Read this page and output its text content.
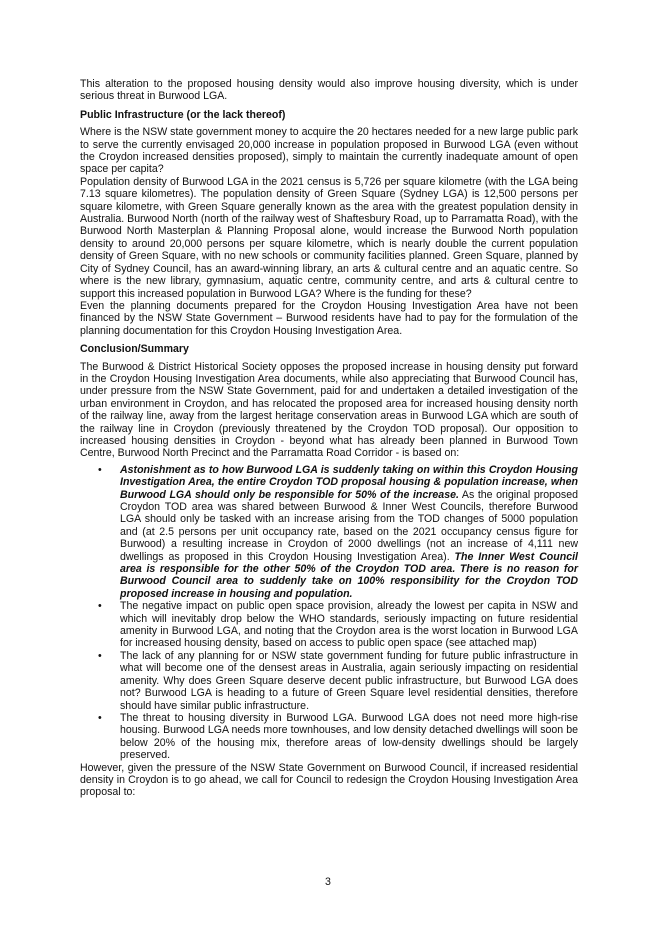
This alteration to the proposed housing density would also improve housing diversity, which is under serious threat in Burwood LGA.

Public Infrastructure (or the lack thereof)

Where is the NSW state government money to acquire the 20 hectares needed for a new large public park to serve the currently envisaged 20,000 increase in population proposed in Burwood LGA (even without the Croydon increased densities proposed), simply to maintain the currently inadequate amount of open space per capita?

Population density of Burwood LGA in the 2021 census is 5,726 per square kilometre (with the LGA being 7.13 square kilometres). The population density of Green Square (Sydney LGA) is 12,500 persons per square kilometre, with Green Square generally known as the area with the greatest population density in Australia. Burwood North (north of the railway west of Shaftesbury Road, up to Parramatta Road), with the Burwood North Masterplan & Planning Proposal alone, would increase the Burwood North population density to around 20,000 persons per square kilometre, which is nearly double the current population density of Green Square, with no new schools or community facilities planned. Green Square, planned by City of Sydney Council, has an award-winning library, an arts & cultural centre and an aquatic centre. So where is the new library, gymnasium, aquatic centre, community centre, and arts & cultural centre to support this increased population in Burwood LGA? Where is the funding for these?

Even the planning documents prepared for the Croydon Housing Investigation Area have not been financed by the NSW State Government – Burwood residents have had to pay for the formulation of the planning documentation for this Croydon Housing Investigation Area.

Conclusion/Summary

The Burwood & District Historical Society opposes the proposed increase in housing density put forward in the Croydon Housing Investigation Area documents, while also appreciating that Burwood Council has, under pressure from the NSW State Government, paid for and undertaken a detailed investigation of the urban environment in Croydon, and has relocated the proposed area for increased housing density north of the railway line, away from the largest heritage conservation areas in Burwood LGA which are south of the railway line in Croydon (previously threatened by the Croydon TOD proposal). Our opposition to increased housing densities in Croydon - beyond what has already been planned in Burwood Town Centre, Burwood North Precinct and the Parramatta Road Corridor - is based on:

• Astonishment as to how Burwood LGA is suddenly taking on within this Croydon Housing Investigation Area, the entire Croydon TOD proposal housing & population increase, when Burwood LGA should only be responsible for 50% of the increase. As the original proposed Croydon TOD area was shared between Burwood & Inner West Councils, therefore Burwood LGA should only be tasked with an increase arising from the TOD changes of 5000 population and (at 2.5 persons per unit occupancy rate, based on the 2021 occupancy census figure for Burwood) a resulting increase in Croydon of 2000 dwellings (not an increase of 4,111 new dwellings as proposed in this Croydon Housing Investigation Area). The Inner West Council area is responsible for the other 50% of the Croydon TOD area. There is no reason for Burwood Council area to suddenly take on 100% responsibility for the Croydon TOD proposed increase in housing and population.
• The negative impact on public open space provision, already the lowest per capita in NSW and which will inevitably drop below the WHO standards, seriously impacting on future residential amenity in Burwood LGA, and noting that the Croydon area is the worst location in Burwood LGA for increased housing density, based on access to public open space (see attached map)
• The lack of any planning for or NSW state government funding for future public infrastructure in what will become one of the densest areas in Australia, again seriously impacting on residential amenity. Why does Green Square deserve decent public infrastructure, but Burwood LGA does not? Burwood LGA is heading to a future of Green Square level residential densities, therefore should have similar public infrastructure.
• The threat to housing diversity in Burwood LGA. Burwood LGA does not need more high-rise housing. Burwood LGA needs more townhouses, and low density detached dwellings will soon be below 20% of the housing mix, therefore areas of low-density dwellings should be largely preserved.

However, given the pressure of the NSW State Government on Burwood Council, if increased residential density in Croydon is to go ahead, we call for Council to redesign the Croydon Housing Investigation Area proposal to:

3
